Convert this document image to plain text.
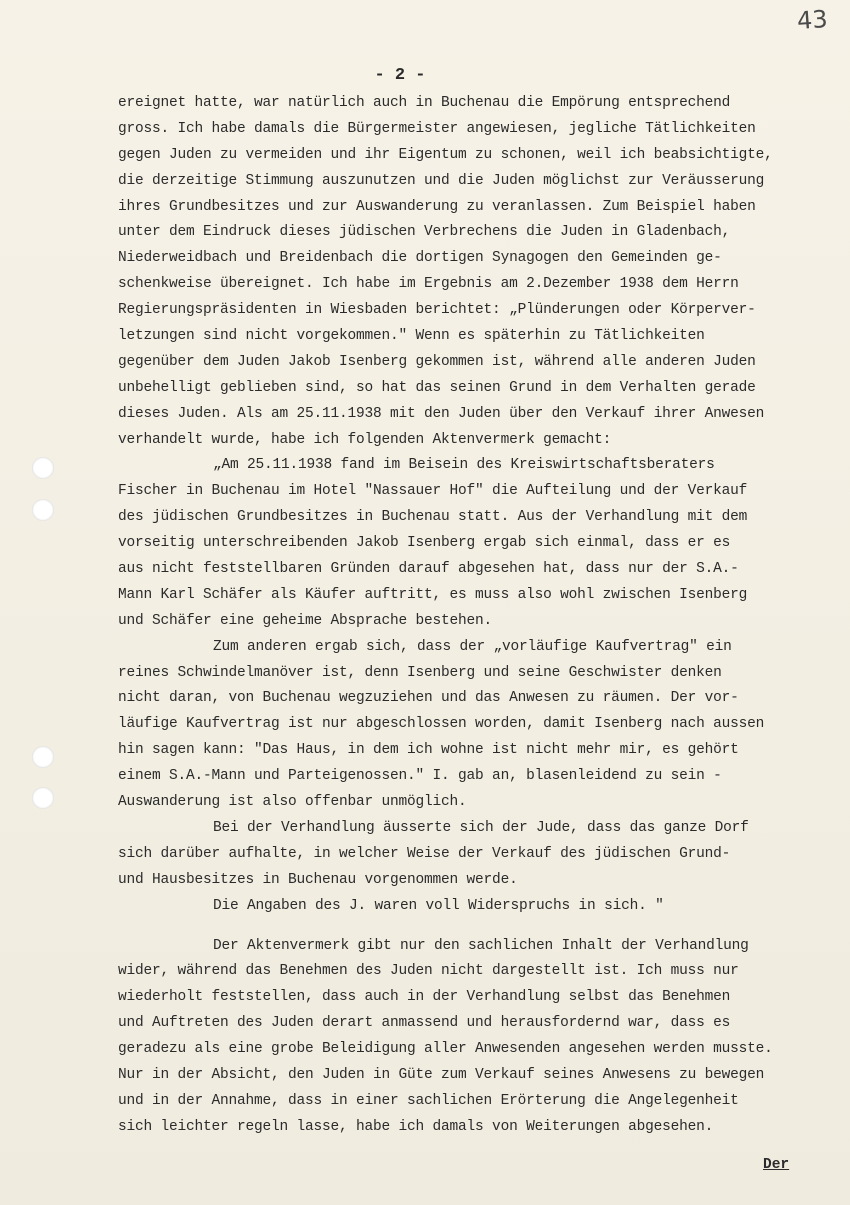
43
- 2 -
ereignet hatte, war natürlich auch in Buchenau die Empörung entsprechend
gross. Ich habe damals die Bürgermeister angewiesen, jegliche Tätlichkeiten
gegen Juden zu vermeiden und ihr Eigentum zu schonen, weil ich beabsichtigte,
die derzeitige Stimmung auszunutzen und die Juden möglichst zur Veräusserung
ihres Grundbesitzes und zur Auswanderung zu veranlassen. Zum Beispiel haben
unter dem Eindruck dieses jüdischen Verbrechens die Juden in Gladenbach,
Niederweidbach und Breidenbach die dortigen Synagogen den Gemeinden ge-
schenkweise übereignet. Ich habe im Ergebnis am 2.Dezember 1938 dem Herrn
Regierungspräsidenten in Wiesbaden berichtet: „Plünderungen oder Körperver-
letzungen sind nicht vorgekommen." Wenn es späterhin zu Tätlichkeiten
gegenüber dem Juden Jakob Isenberg gekommen ist, während alle anderen Juden
unbehelligt geblieben sind, so hat das seinen Grund in dem Verhalten gerade
dieses Juden. Als am 25.11.1938 mit den Juden über den Verkauf ihrer Anwesen
verhandelt wurde, habe ich folgenden Aktenvermerk gemacht:
„Am 25.11.1938 fand im Beisein des Kreiswirtschaftsberaters
Fischer in Buchenau im Hotel "Nassauer Hof" die Aufteilung und der Verkauf
des jüdischen Grundbesitzes in Buchenau statt. Aus der Verhandlung mit dem
vorseitig unterschreibenden Jakob Isenberg ergab sich einmal, dass er es
aus nicht feststellbaren Gründen darauf abgesehen hat, dass nur der S.A.-
Mann Karl Schäfer als Käufer auftritt, es muss also wohl zwischen Isenberg
und Schäfer eine geheime Absprache bestehen.
Zum anderen ergab sich, dass der „vorläufige Kaufvertrag" ein
reines Schwindelmanöver ist, denn Isenberg und seine Geschwister denken
nicht daran, von Buchenau wegzuziehen und das Anwesen zu räumen. Der vor-
läufige Kaufvertrag ist nur abgeschlossen worden, damit Isenberg nach aussen
hin sagen kann: "Das Haus, in dem ich wohne ist nicht mehr mir, es gehört
einem S.A.-Mann und Parteigenossen." I. gab an, blasenleidend zu sein -
Auswanderung ist also offenbar unmöglich.
Bei der Verhandlung äusserte sich der Jude, dass das ganze Dorf
sich darüber aufhalte, in welcher Weise der Verkauf des jüdischen Grund-
und Hausbesitzes in Buchenau vorgenommen werde.
Die Angaben des J. waren voll Widerspruchs in sich. "
Der Aktenvermerk gibt nur den sachlichen Inhalt der Verhandlung
wider, während das Benehmen des Juden nicht dargestellt ist. Ich muss nur
wiederholt feststellen, dass auch in der Verhandlung selbst das Benehmen
und Auftreten des Juden derart anmassend und herausfordernd war, dass es
geradezu als eine grobe Beleidigung aller Anwesenden angesehen werden musste.
Nur in der Absicht, den Juden in Güte zum Verkauf seines Anwesens zu bewegen
und in der Annahme, dass in einer sachlichen Erörterung die Angelegenheit
sich leichter regeln lasse, habe ich damals von Weiterungen abgesehen.
Der
